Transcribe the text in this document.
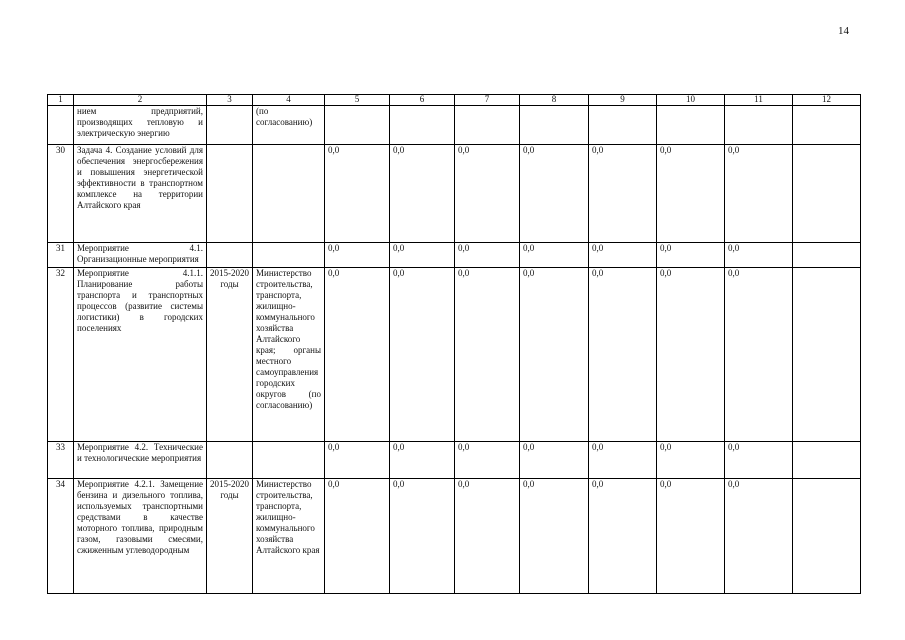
14
1	2	3	4	5	6	7	8	9	10	11	12
	нием предприятий, производящих тепловую и электрическую энергию		(по согласованию)								
30	Задача 4. Создание условий для обеспечения энергосбережения и повышения энергетической эффективности в транспортном комплексе на территории Алтайского края			0,0	0,0	0,0	0,0	0,0	0,0	0,0	
31	Мероприятие 4.1. Организационные мероприятия			0,0	0,0	0,0	0,0	0,0	0,0	0,0	
32	Мероприятие 4.1.1. Планирование работы транспорта и транспортных процессов (развитие системы логистики) в городских поселениях	2015-2020 годы	Министерство строительства, транспорта, жилищно-коммунального хозяйства Алтайского края; органы местного самоуправления городских округов (по согласованию)	0,0	0,0	0,0	0,0	0,0	0,0	0,0	
33	Мероприятие 4.2. Технические и технологические мероприятия			0,0	0,0	0,0	0,0	0,0	0,0	0,0	
34	Мероприятие 4.2.1. Замещение бензина и дизельного топлива, используемых транспортными средствами в качестве моторного топлива, природным газом, газовыми смесями, сжиженным углеводородным	2015-2020 годы	Министерство строительства, транспорта, жилищно-коммунального хозяйства Алтайского края	0,0	0,0	0,0	0,0	0,0	0,0	0,0	
